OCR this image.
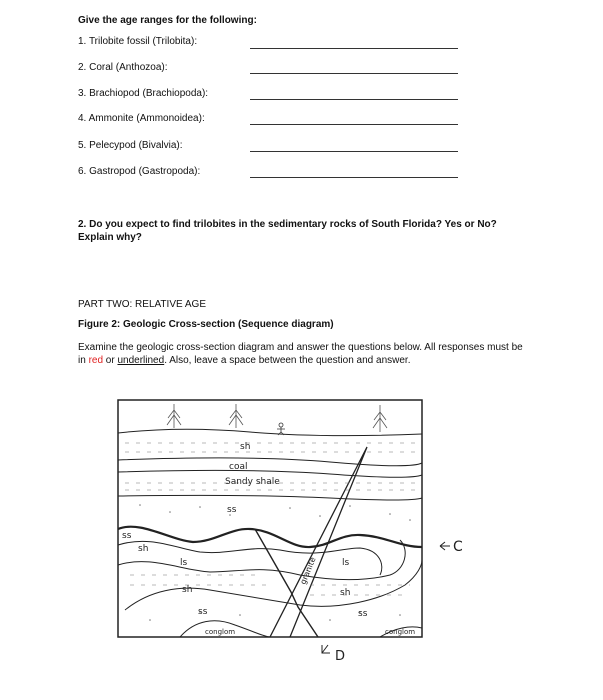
Give the age ranges for the following:
1. Trilobite fossil (Trilobita):
2. Coral (Anthozoa):
3. Brachiopod (Brachiopoda):
4. Ammonite (Ammonoidea):
5. Pelecypod (Bivalvia):
6. Gastropod (Gastropoda):
2. Do you expect to find trilobites in the sedimentary rocks of South Florida? Yes or No?
Explain why?
PART TWO: RELATIVE AGE
Figure 2: Geologic Cross-section (Sequence diagram)
Examine the geologic cross-section diagram and answer the questions below. All responses must be
in red or underlined. Also, leave a space between the question and answer.
sh
coal
Sandy shale
ss
ss
sh
ls	ls
sh	sh
ss	ss
conglom	conglom
granite
C
D
